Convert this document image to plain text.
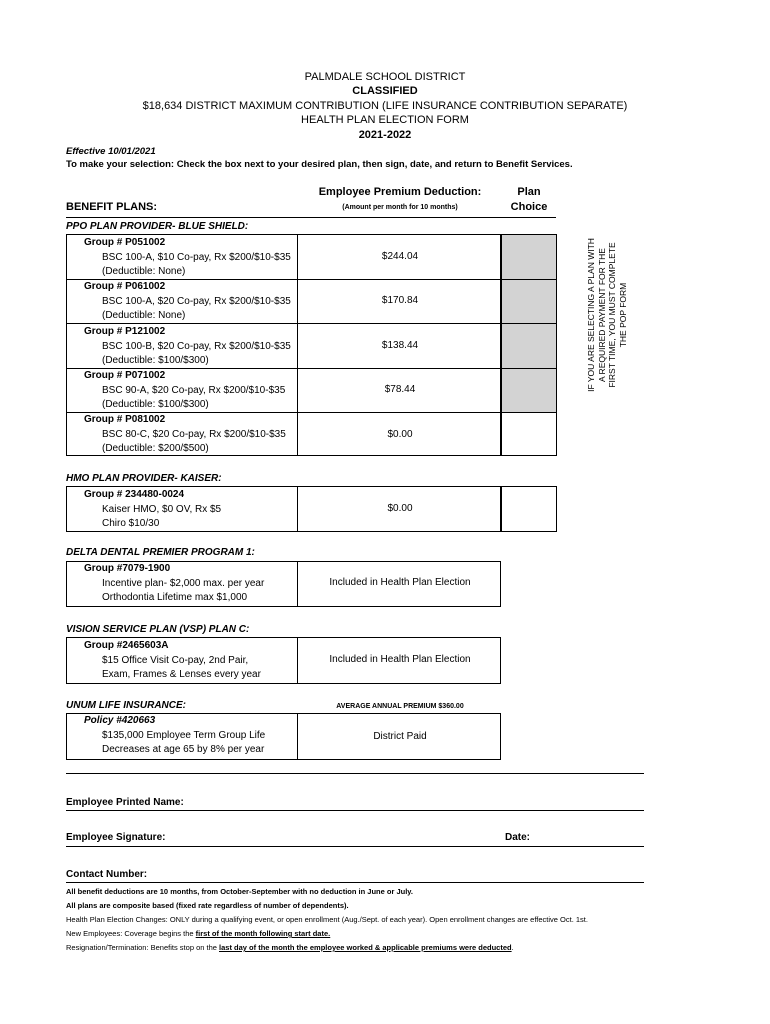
PALMDALE SCHOOL DISTRICT
CLASSIFIED
$18,634 DISTRICT MAXIMUM CONTRIBUTION (LIFE INSURANCE CONTRIBUTION SEPARATE)
HEALTH PLAN ELECTION FORM
2021-2022
Effective 10/01/2021
To make your selection: Check the box next to your desired plan, then sign, date, and return to Benefit Services.
BENEFIT PLANS:
Employee Premium Deduction:
(Amount per month for 10 months)
Plan
Choice
PPO PLAN PROVIDER- BLUE SHIELD:
Group # P051002
BSC 100-A, $10 Co-pay, Rx $200/$10-$35
(Deductible: None)
Group # P061002
BSC 100-A, $20 Co-pay, Rx $200/$10-$35
(Deductible: None)
Group # P121002
BSC 100-B, $20 Co-pay, Rx $200/$10-$35
(Deductible: $100/$300)
Group # P071002
BSC 90-A, $20 Co-pay, Rx $200/$10-$35
(Deductible: $100/$300)
Group # P081002
BSC 80-C, $20 Co-pay, Rx $200/$10-$35
(Deductible: $200/$500)
$244.04
$170.84
$138.44
$78.44
$0.00
IF YOU ARE SELECTING A PLAN WITH A REQUIRED PAYMENT FOR THE FIRST TIME, YOU MUST COMPLETE THE POP FORM
HMO PLAN PROVIDER- KAISER:
Group # 234480-0024
Kaiser HMO, $0 OV, Rx $5
Chiro $10/30
$0.00
DELTA DENTAL PREMIER PROGRAM 1:
Group #7079-1900
Incentive plan- $2,000 max. per year
Orthodontia Lifetime max $1,000
Included in Health Plan Election
VISION SERVICE PLAN (VSP) PLAN C:
Group #2465603A
$15 Office Visit Co-pay, 2nd Pair,
Exam, Frames & Lenses every year
Included in Health Plan Election
UNUM LIFE INSURANCE:	AVERAGE ANNUAL PREMIUM $360.00
Policy #420663
$135,000 Employee Term Group Life
Decreases at age 65 by 8% per year
District Paid
Employee Printed Name:
Employee Signature:	Date:
Contact Number:
All benefit deductions are 10 months, from October-September with no deduction in June or July.
All plans are composite based (fixed rate regardless of number of dependents).
Health Plan Election Changes: ONLY during a qualifying event, or open enrollment (Aug./Sept. of each year). Open enrollment changes are effective Oct. 1st.
New Employees: Coverage begins the first of the month following start date.
Resignation/Termination: Benefits stop on the last day of the month the employee worked & applicable premiums were deducted.
